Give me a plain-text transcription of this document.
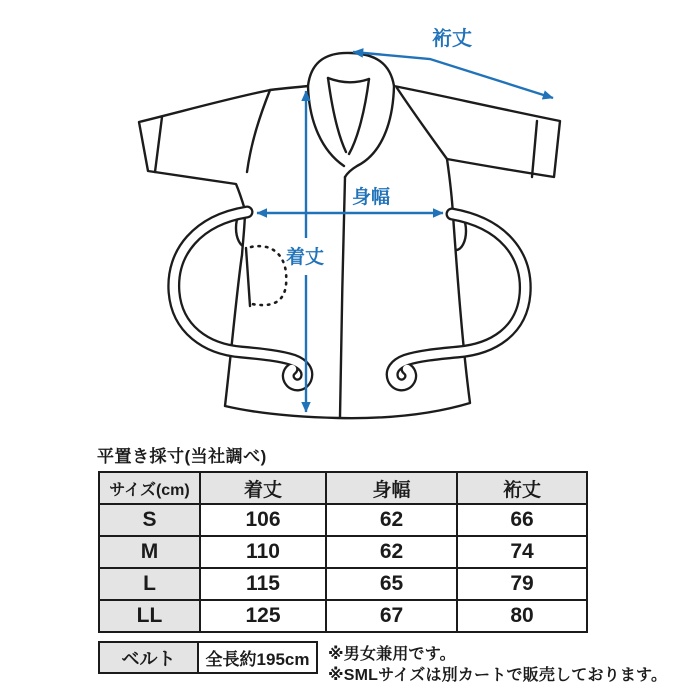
裄丈
身幅
着丈
平置き採寸(当社調べ)
サイズ(cm)	着丈	身幅	裄丈
S	106	62	66
M	110	62	74
L	115	65	79
LL	125	67	80
ベルト	全長約195cm ※男女兼用です。
※SMLサイズは別カートで販売しております。
